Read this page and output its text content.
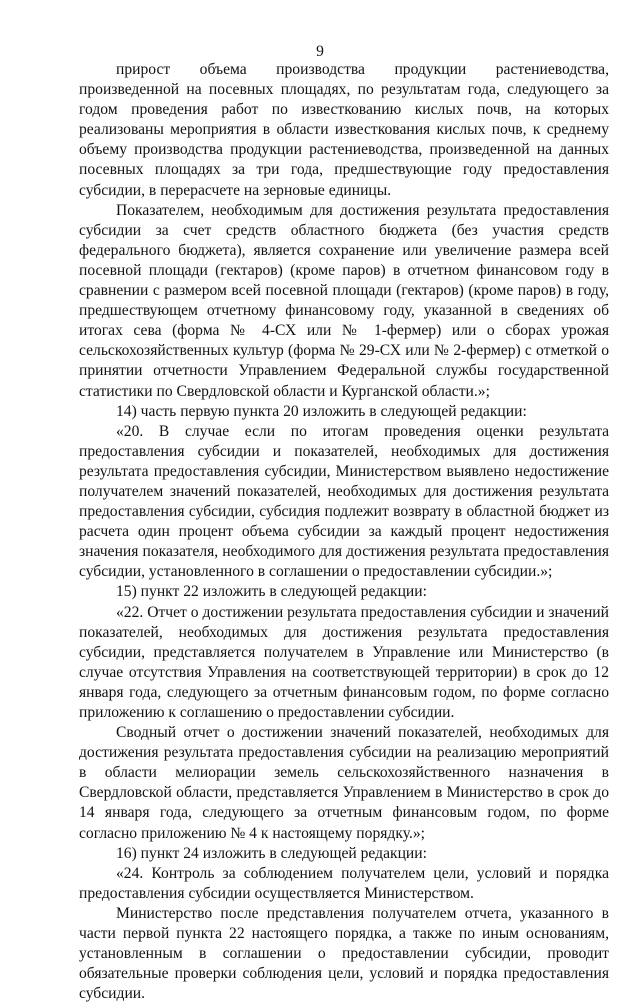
9

прирост объема производства продукции растениеводства, произведенной на посевных площадях, по результатам года, следующего за годом проведения работ по известкованию кислых почв, на которых реализованы мероприятия в области известкования кислых почв, к среднему объему производства продукции растениеводства, произведенной на данных посевных площадях за три года, предшествующие году предоставления субсидии, в перерасчете на зерновые единицы.

Показателем, необходимым для достижения результата предоставления субсидии за счет средств областного бюджета (без участия средств федерального бюджета), является сохранение или увеличение размера всей посевной площади (гектаров) (кроме паров) в отчетном финансовом году в сравнении с размером всей посевной площади (гектаров) (кроме паров) в году, предшествующем отчетному финансовому году, указанной в сведениях об итогах сева (форма № 4-СХ или № 1-фермер) или о сборах урожая сельскохозяйственных культур (форма № 29-СХ или № 2-фермер) с отметкой о принятии отчетности Управлением Федеральной службы государственной статистики по Свердловской области и Курганской области.»;

14) часть первую пункта 20 изложить в следующей редакции:

«20. В случае если по итогам проведения оценки результата предоставления субсидии и показателей, необходимых для достижения результата предоставления субсидии, Министерством выявлено недостижение получателем значений показателей, необходимых для достижения результата предоставления субсидии, субсидия подлежит возврату в областной бюджет из расчета один процент объема субсидии за каждый процент недостижения значения показателя, необходимого для достижения результата предоставления субсидии, установленного в соглашении о предоставлении субсидии.»;

15) пункт 22 изложить в следующей редакции:

«22. Отчет о достижении результата предоставления субсидии и значений показателей, необходимых для достижения результата предоставления субсидии, представляется получателем в Управление или Министерство (в случае отсутствия Управления на соответствующей территории) в срок до 12 января года, следующего за отчетным финансовым годом, по форме согласно приложению к соглашению о предоставлении субсидии.

Сводный отчет о достижении значений показателей, необходимых для достижения результата предоставления субсидии на реализацию мероприятий в области мелиорации земель сельскохозяйственного назначения в Свердловской области, представляется Управлением в Министерство в срок до 14 января года, следующего за отчетным финансовым годом, по форме согласно приложению № 4 к настоящему порядку.»;

16) пункт 24 изложить в следующей редакции:

«24. Контроль за соблюдением получателем цели, условий и порядка предоставления субсидии осуществляется Министерством.

Министерство после представления получателем отчета, указанного в части первой пункта 22 настоящего порядка, а также по иным основаниям, установленным в соглашении о предоставлении субсидии, проводит обязательные проверки соблюдения цели, условий и порядка предоставления субсидии.
